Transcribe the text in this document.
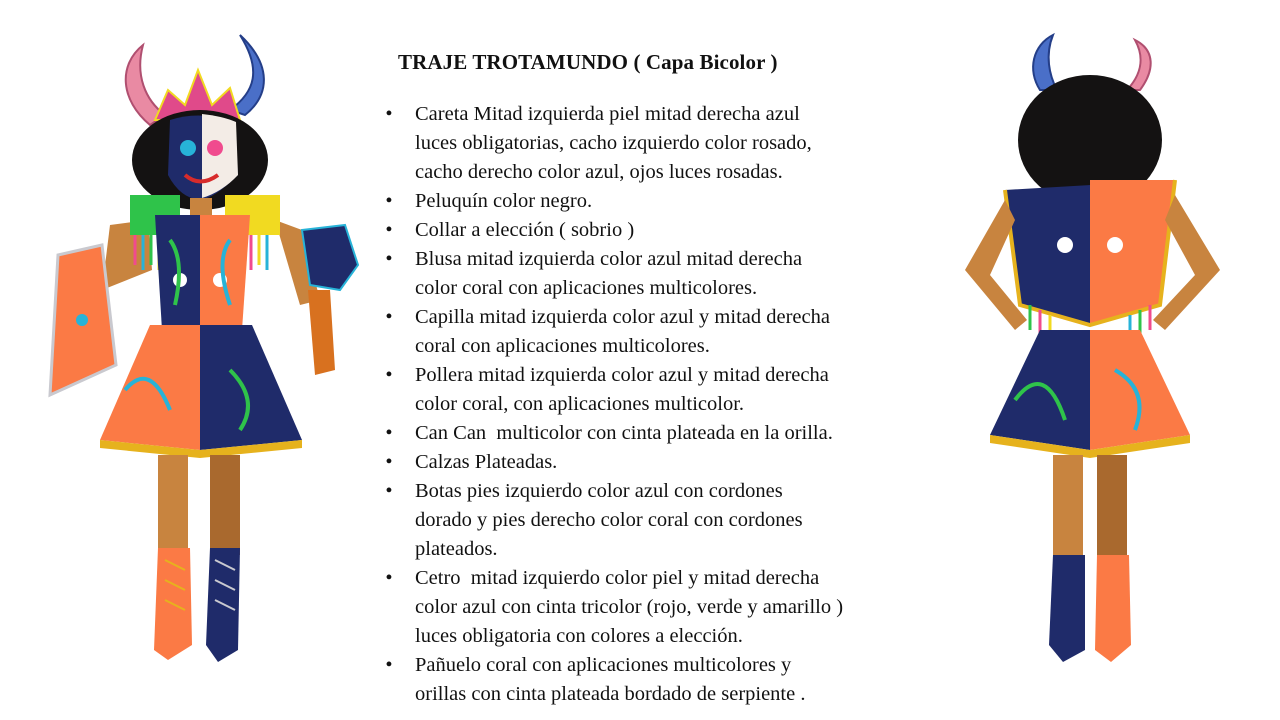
TRAJE TROTAMUNDO ( Capa Bicolor )
• Careta Mitad izquierda piel mitad derecha azul
luces obligatorias, cacho izquierdo color rosado,
cacho derecho color azul, ojos luces rosadas.
• Peluquín color negro.
• Collar a elección ( sobrio )
• Blusa mitad izquierda color azul mitad derecha
color coral con aplicaciones multicolores.
• Capilla mitad izquierda color azul y mitad derecha
coral con aplicaciones multicolores.
• Pollera mitad izquierda color azul y mitad derecha
color coral, con aplicaciones multicolor.
• Can Can  multicolor con cinta plateada en la orilla.
• Calzas Plateadas.
• Botas pies izquierdo color azul con cordones
dorado y pies derecho color coral con cordones
plateados.
• Cetro  mitad izquierdo color piel y mitad derecha
color azul con cinta tricolor (rojo, verde y amarillo )
luces obligatoria con colores a elección.
• Pañuelo coral con aplicaciones multicolores y
orillas con cinta plateada bordado de serpiente .
